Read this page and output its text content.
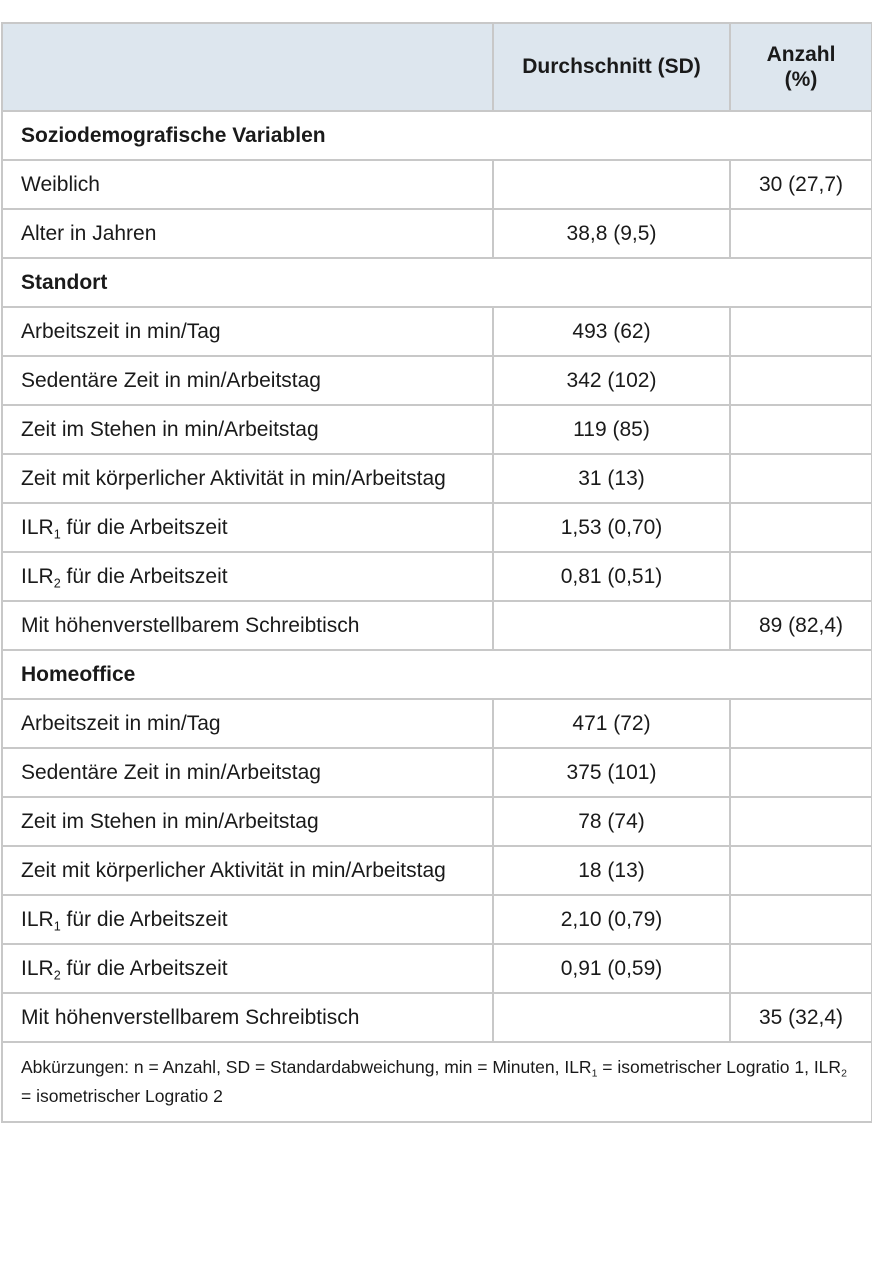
	Durchschnitt (SD)	Anzahl (%)
Soziodemografische Variablen		
Weiblich		30 (27,7)
Alter in Jahren	38,8 (9,5)	
Standort		
Arbeitszeit in min/Tag	493 (62)	
Sedentäre Zeit in min/Arbeitstag	342 (102)	
Zeit im Stehen in min/Arbeitstag	119 (85)	
Zeit mit körperlicher Aktivität in min/Arbeitstag	31 (13)	
$ILR_1$ für die Arbeitszeit	1,53 (0,70)	
$ILR_2$ für die Arbeitszeit	0,81 (0,51)	
Mit höhenverstellbarem Schreibtisch		89 (82,4)
Homeoffice		
Arbeitszeit in min/Tag	471 (72)	
Sedentäre Zeit in min/Arbeitstag	375 (101)	
Zeit im Stehen in min/Arbeitstag	78 (74)	
Zeit mit körperlicher Aktivität in min/Arbeitstag	18 (13)	
$ILR_1$ für die Arbeitszeit	2,10 (0,79)	
$ILR_2$ für die Arbeitszeit	0,91 (0,59)	
Mit höhenverstellbarem Schreibtisch		35 (32,4)
Abkürzungen: n = Anzahl, SD = Standardabweichung, min = Minuten, $ILR_1$ = isometrischer Logratio 1, $ILR_2$ = isometrischer Logratio 2		
